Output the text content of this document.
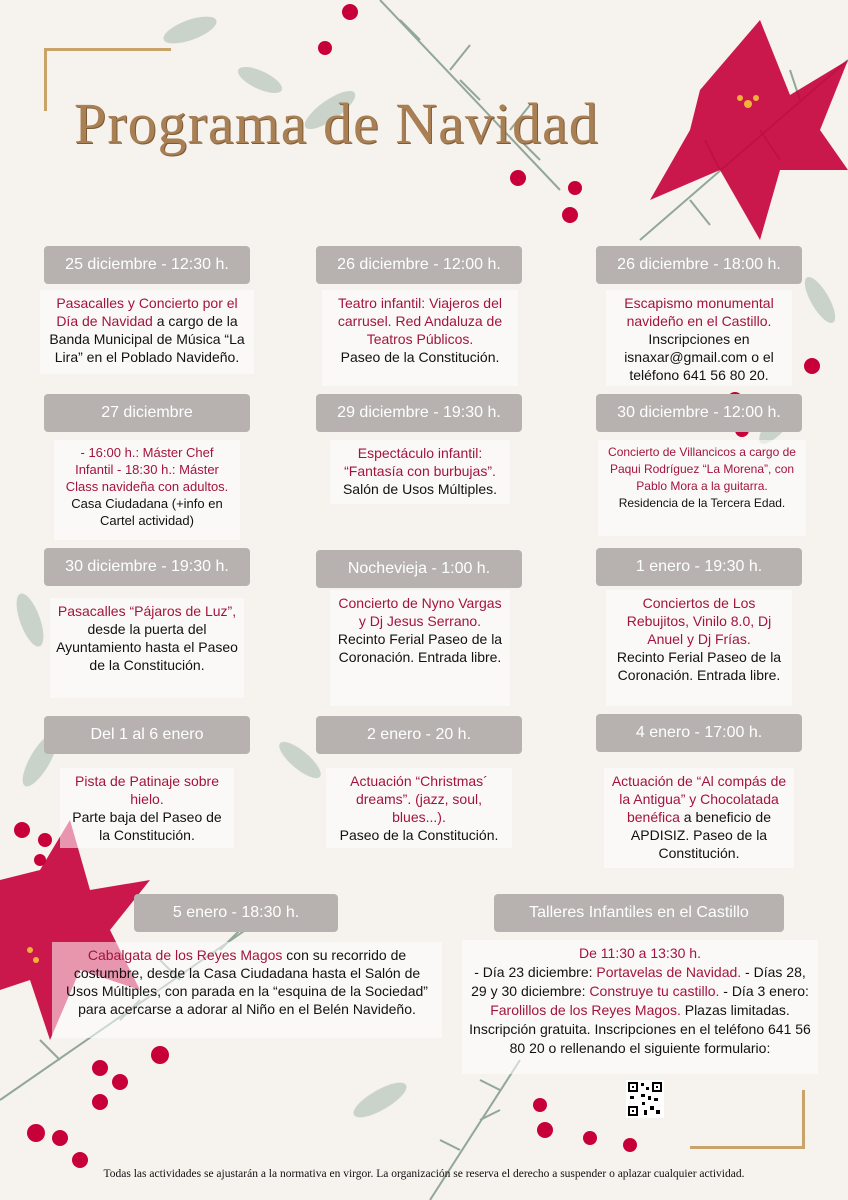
Programa de Navidad
25 diciembre - 12:30 h.
Pasacalles y Concierto por el Día de Navidad a cargo de la Banda Municipal de Música “La Lira” en el Poblado Navideño.
26 diciembre - 12:00 h.
Teatro infantil: Viajeros del carrusel. Red Andaluza de Teatros Públicos.
Paseo de la Constitución.
26 diciembre - 18:00 h.
Escapismo monumental navideño en el Castillo.
Inscripciones en isnaxar@gmail.com o el teléfono 641 56 80 20.
27 diciembre
- 16:00 h.: Máster Chef Infantil - 18:30 h.: Máster Class navideña con adultos.
Casa Ciudadana (+info en Cartel actividad)
29 diciembre - 19:30 h.
Espectáculo infantil: “Fantasía con burbujas”.
Salón de Usos Múltiples.
30 diciembre - 12:00 h.
Concierto de Villancicos a cargo de Paqui Rodríguez “La Morena”, con Pablo Mora a la guitarra.
Residencia de la Tercera Edad.
30 diciembre - 19:30 h.
Pasacalles “Pájaros de Luz”,
desde la puerta del Ayuntamiento hasta el Paseo de la Constitución.
Nochevieja - 1:00 h.
Concierto de Nyno Vargas y Dj Jesus Serrano.
Recinto Ferial Paseo de la Coronación. Entrada libre.
1 enero - 19:30 h.
Conciertos de Los Rebujitos, Vinilo 8.0, Dj Anuel y Dj Frías.
Recinto Ferial Paseo de la Coronación. Entrada libre.
Del 1 al 6 enero
Pista de Patinaje sobre hielo.
Parte baja del Paseo de la Constitución.
2 enero - 20 h.
Actuación “Christmas´ dreams”. (jazz, soul, blues...).
Paseo de la Constitución.
4 enero - 17:00 h.
Actuación de “Al compás de la Antigua” y Chocolatada benéfica a beneficio de APDISIZ. Paseo de la Constitución.
5 enero - 18:30 h.
Cabalgata de los Reyes Magos con su recorrido de costumbre, desde la Casa Ciudadana hasta el Salón de Usos Múltiples, con parada en la “esquina de la Sociedad” para acercarse a adorar al Niño en el Belén Navideño.
Talleres Infantiles en el Castillo
De 11:30 a 13:30 h.
- Día 23 diciembre: Portavelas de Navidad. - Días 28, 29 y 30 diciembre: Construye tu castillo. - Día 3 enero: Farolillos de los Reyes Magos. Plazas limitadas. Inscripción gratuita. Inscripciones en el teléfono 641 56 80 20 o rellenando el siguiente formulario:
Todas las actividades se ajustarán a la normativa en virgor. La organización se reserva el derecho a suspender o aplazar cualquier actividad.
